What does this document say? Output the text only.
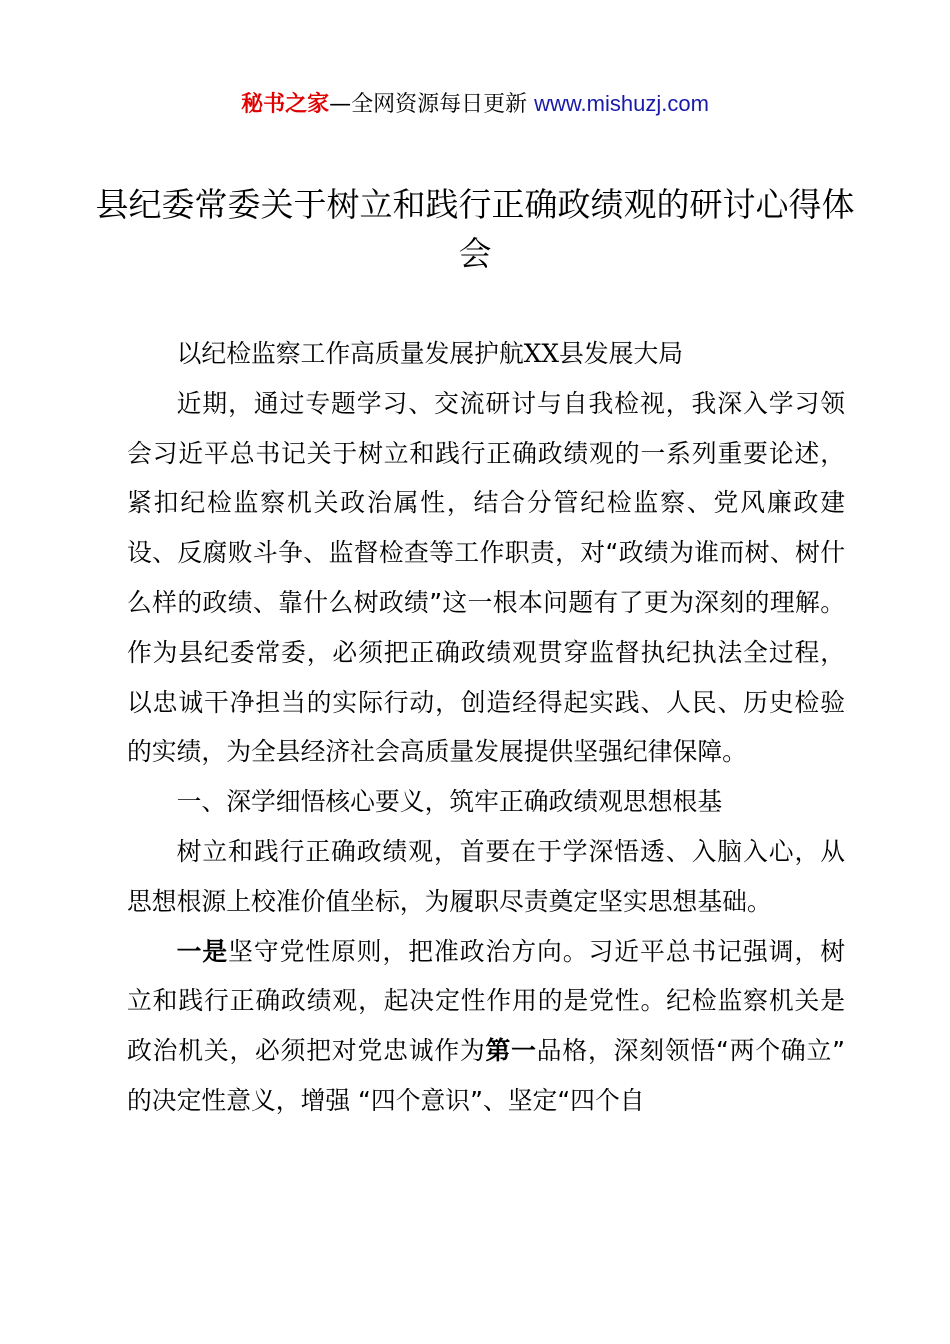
秘书之家—全网资源每日更新 www.mishuzj.com
县纪委常委关于树立和践行正确政绩观的研讨心得体会

以纪检监察工作高质量发展护航XX县发展大局

近期，通过专题学习、交流研讨与自我检视，我深入学习领会习近平总书记关于树立和践行正确政绩观的一系列重要论述，紧扣纪检监察机关政治属性，结合分管纪检监察、党风廉政建设、反腐败斗争、监督检查等工作职责，对“政绩为谁而树、树什么样的政绩、靠什么树政绩”这一根本问题有了更为深刻的理解。作为县纪委常委，必须把正确政绩观贯穿监督执纪执法全过程，以忠诚干净担当的实际行动，创造经得起实践、人民、历史检验的实绩，为全县经济社会高质量发展提供坚强纪律保障。

一、深学细悟核心要义，筑牢正确政绩观思想根基

树立和践行正确政绩观，首要在于学深悟透、入脑入心，从思想根源上校准价值坐标，为履职尽责奠定坚实思想基础。

一是坚守党性原则，把准政治方向。习近平总书记强调，树立和践行正确政绩观，起决定性作用的是党性。纪检监察机关是政治机关，必须把对党忠诚作为第一品格，深刻领悟“两个确立” 的决定性意义，增强 “四个意识”、坚定“四个自
